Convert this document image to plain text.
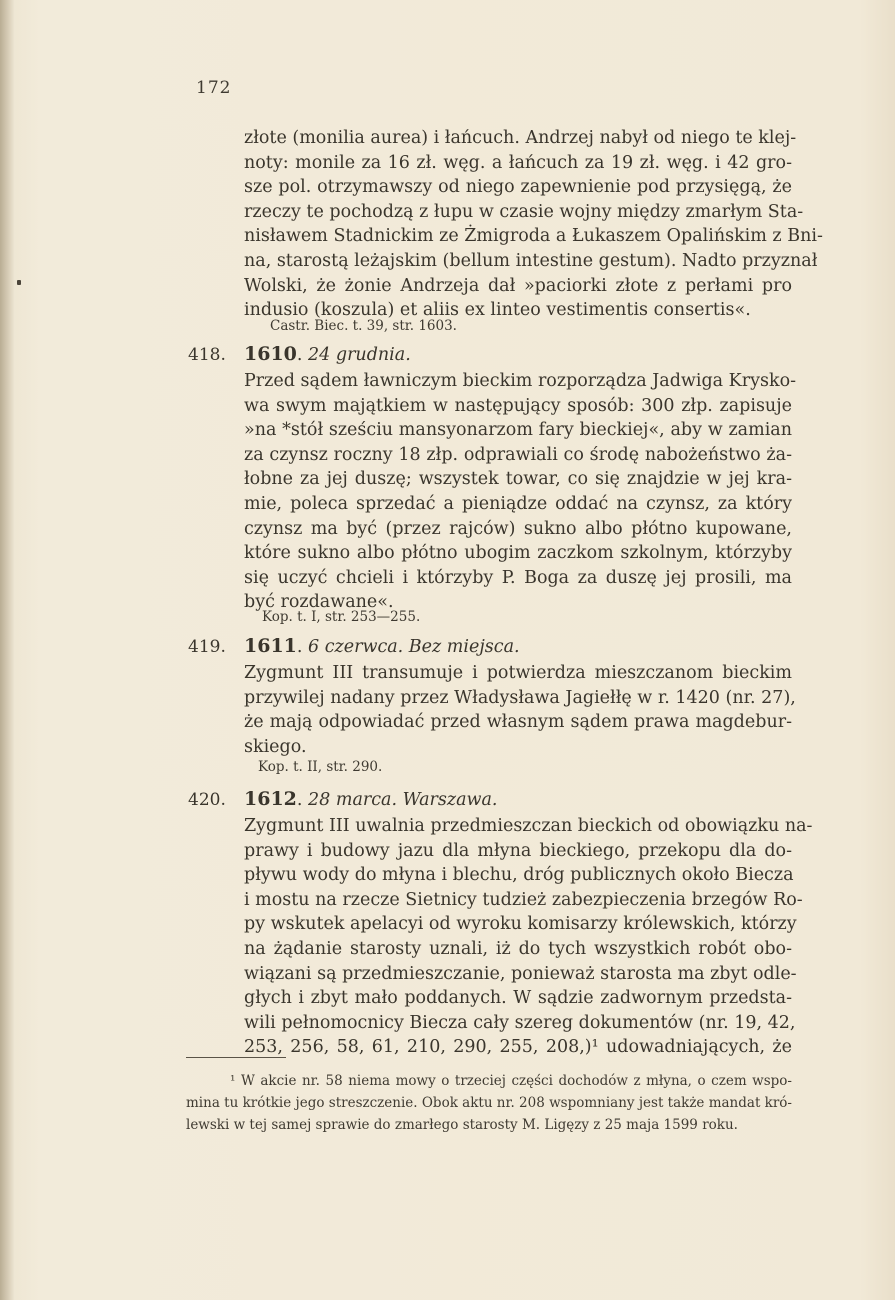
172
złote (monilia aurea) i łańcuch. Andrzej nabył od niego te klej-
noty: monile za 16 zł. węg. a łańcuch za 19 zł. węg. i 42 gro-
sze pol. otrzymawszy od niego zapewnienie pod przysięgą, że
rzeczy te pochodzą z łupu w czasie wojny między zmarłym Sta-
nisławem Stadnickim ze Żmigroda a Łukaszem Opalińskim z Bni-
na, starostą leżajskim (bellum intestine gestum). Nadto przyznał
Wolski, że żonie Andrzeja dał »paciorki złote z perłami pro
indusio (koszula) et aliis ex linteo vestimentis consertis«.
Castr. Biec. t. 39, str. 1603.
418. 1610. 24 grudnia.
Przed sądem ławniczym bieckim rozporządza Jadwiga Krysko-
wa swym majątkiem w następujący sposób: 300 złp. zapisuje
»na *stół sześciu mansyonarzom fary bieckiej«, aby w zamian
za czynsz roczny 18 złp. odprawiali co środę nabożeństwo ża-
łobne za jej duszę; wszystek towar, co się znajdzie w jej kra-
mie, poleca sprzedać a pieniądze oddać na czynsz, za który
czynsz ma być (przez rajców) sukno albo płótno kupowane,
które sukno albo płótno ubogim zaczkom szkolnym, którzyby
się uczyć chcieli i którzyby P. Boga za duszę jej prosili, ma
być rozdawane«.
Kop. t. I, str. 253—255.
419. 1611. 6 czerwca. Bez miejsca.
Zygmunt III transumuje i potwierdza mieszczanom bieckim
przywilej nadany przez Władysława Jagiełłę w r. 1420 (nr. 27),
że mają odpowiadać przed własnym sądem prawa magdebur-
skiego.
Kop. t. II, str. 290.
420. 1612. 28 marca. Warszawa.
Zygmunt III uwalnia przedmieszczan bieckich od obowiązku na-
prawy i budowy jazu dla młyna bieckiego, przekopu dla do-
pływu wody do młyna i blechu, dróg publicznych około Biecza
i mostu na rzecze Sietnicy tudzież zabezpieczenia brzegów Ro-
py wskutek apelacyi od wyroku komisarzy królewskich, którzy
na żądanie starosty uznali, iż do tych wszystkich robót obo-
wiązani są przedmieszczanie, ponieważ starosta ma zbyt odle-
głych i zbyt mało poddanych. W sądzie zadwornym przedsta-
wili pełnomocnicy Biecza cały szereg dokumentów (nr. 19, 42,
253, 256, 58, 61, 210, 290, 255, 208,)¹ udowadniających, że
¹ W akcie nr. 58 niema mowy o trzeciej części dochodów z młyna, o czem wspo-
mina tu krótkie jego streszczenie. Obok aktu nr. 208 wspomniany jest także mandat kró-
lewski w tej samej sprawie do zmarłego starosty M. Ligęzy z 25 maja 1599 roku.
